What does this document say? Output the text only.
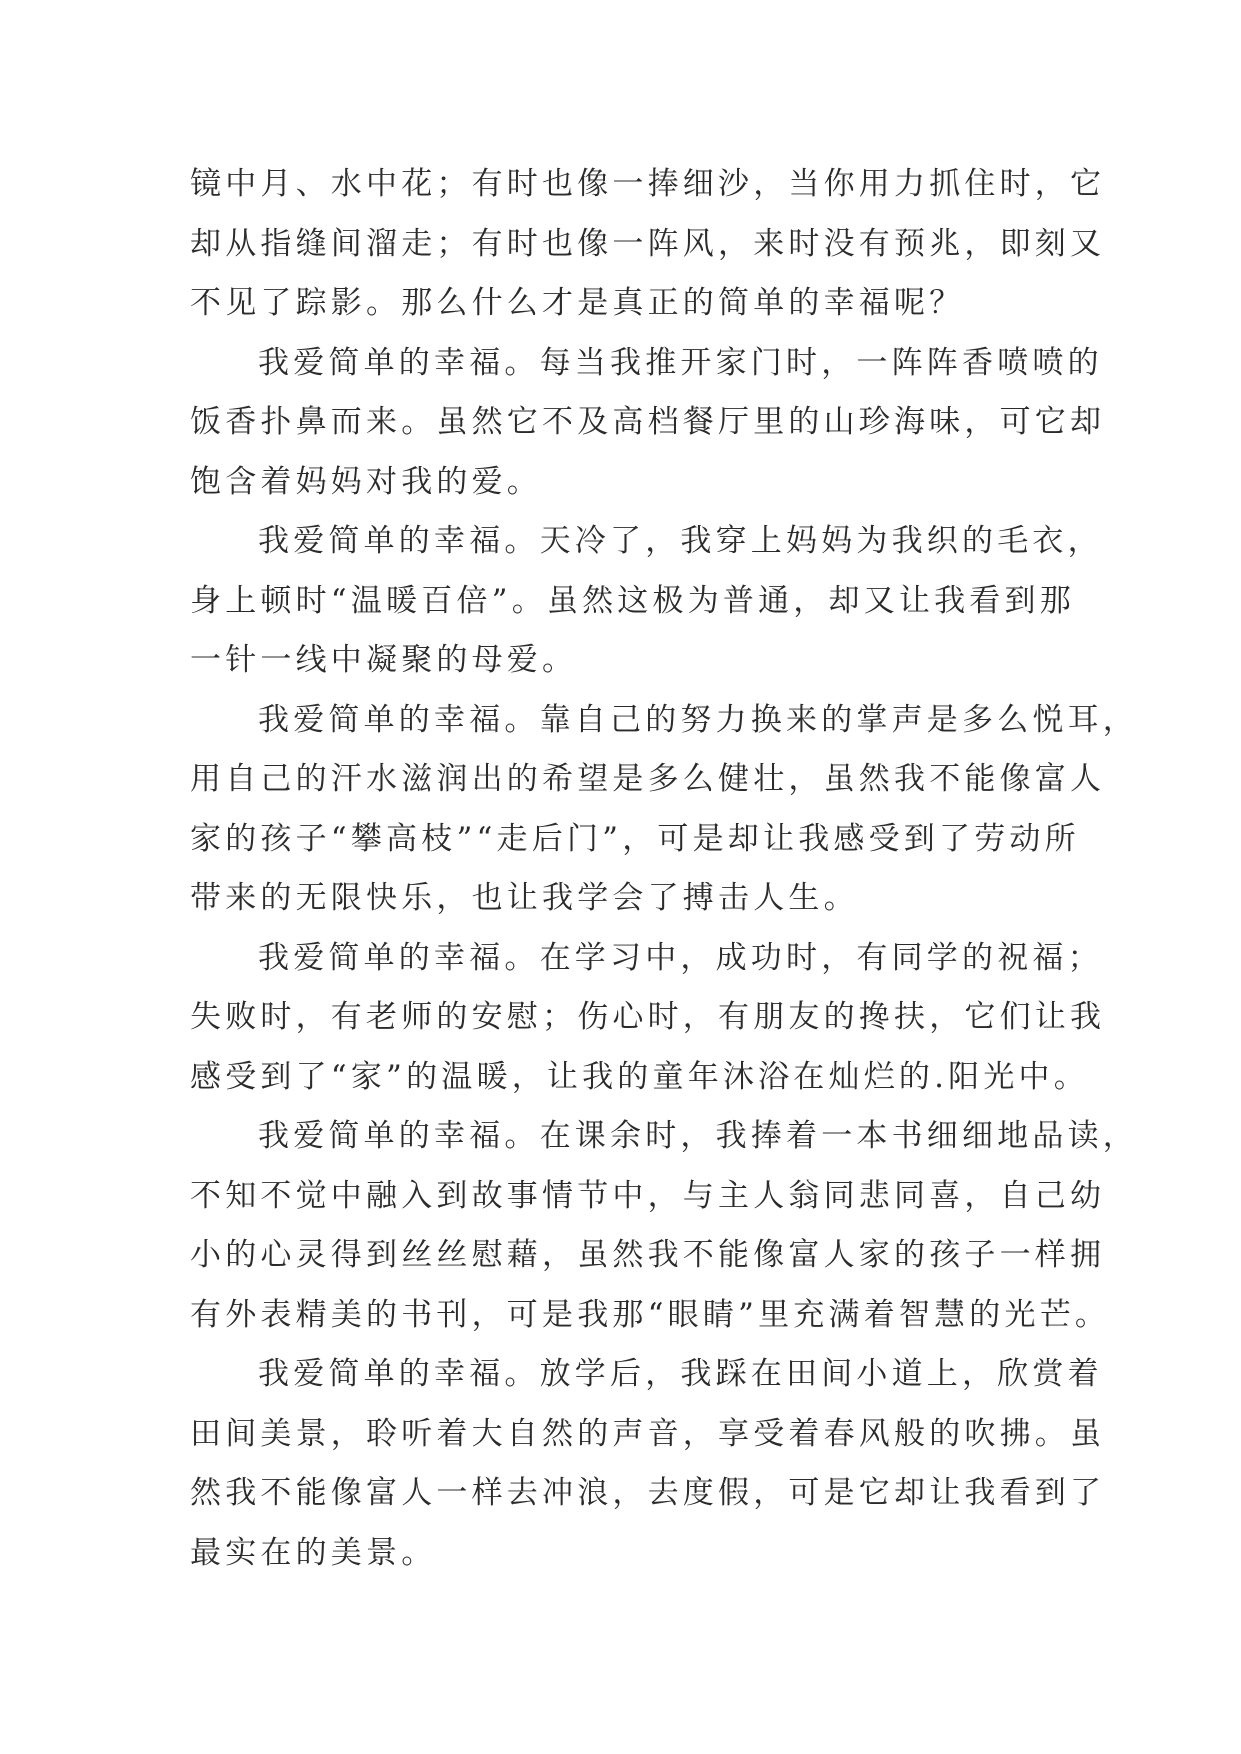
镜中月、水中花；有时也像一捧细沙，当你用力抓住时，它
却从指缝间溜走；有时也像一阵风，来时没有预兆，即刻又
不见了踪影。那么什么才是真正的简单的幸福呢？
我爱简单的幸福。每当我推开家门时，一阵阵香喷喷的
饭香扑鼻而来。虽然它不及高档餐厅里的山珍海味，可它却
饱含着妈妈对我的爱。
我爱简单的幸福。天冷了，我穿上妈妈为我织的毛衣，
身上顿时“温暖百倍”。虽然这极为普通，却又让我看到那
一针一线中凝聚的母爱。
我爱简单的幸福。靠自己的努力换来的掌声是多么悦耳，
用自己的汗水滋润出的希望是多么健壮，虽然我不能像富人
家的孩子“攀高枝”“走后门”，可是却让我感受到了劳动所
带来的无限快乐，也让我学会了搏击人生。
我爱简单的幸福。在学习中，成功时，有同学的祝福；
失败时，有老师的安慰；伤心时，有朋友的搀扶，它们让我
感受到了“家”的温暖，让我的童年沐浴在灿烂的.阳光中。
我爱简单的幸福。在课余时，我捧着一本书细细地品读，
不知不觉中融入到故事情节中，与主人翁同悲同喜，自己幼
小的心灵得到丝丝慰藉，虽然我不能像富人家的孩子一样拥
有外表精美的书刊，可是我那“眼睛”里充满着智慧的光芒。
我爱简单的幸福。放学后，我踩在田间小道上，欣赏着
田间美景，聆听着大自然的声音，享受着春风般的吹拂。虽
然我不能像富人一样去冲浪，去度假，可是它却让我看到了
最实在的美景。
